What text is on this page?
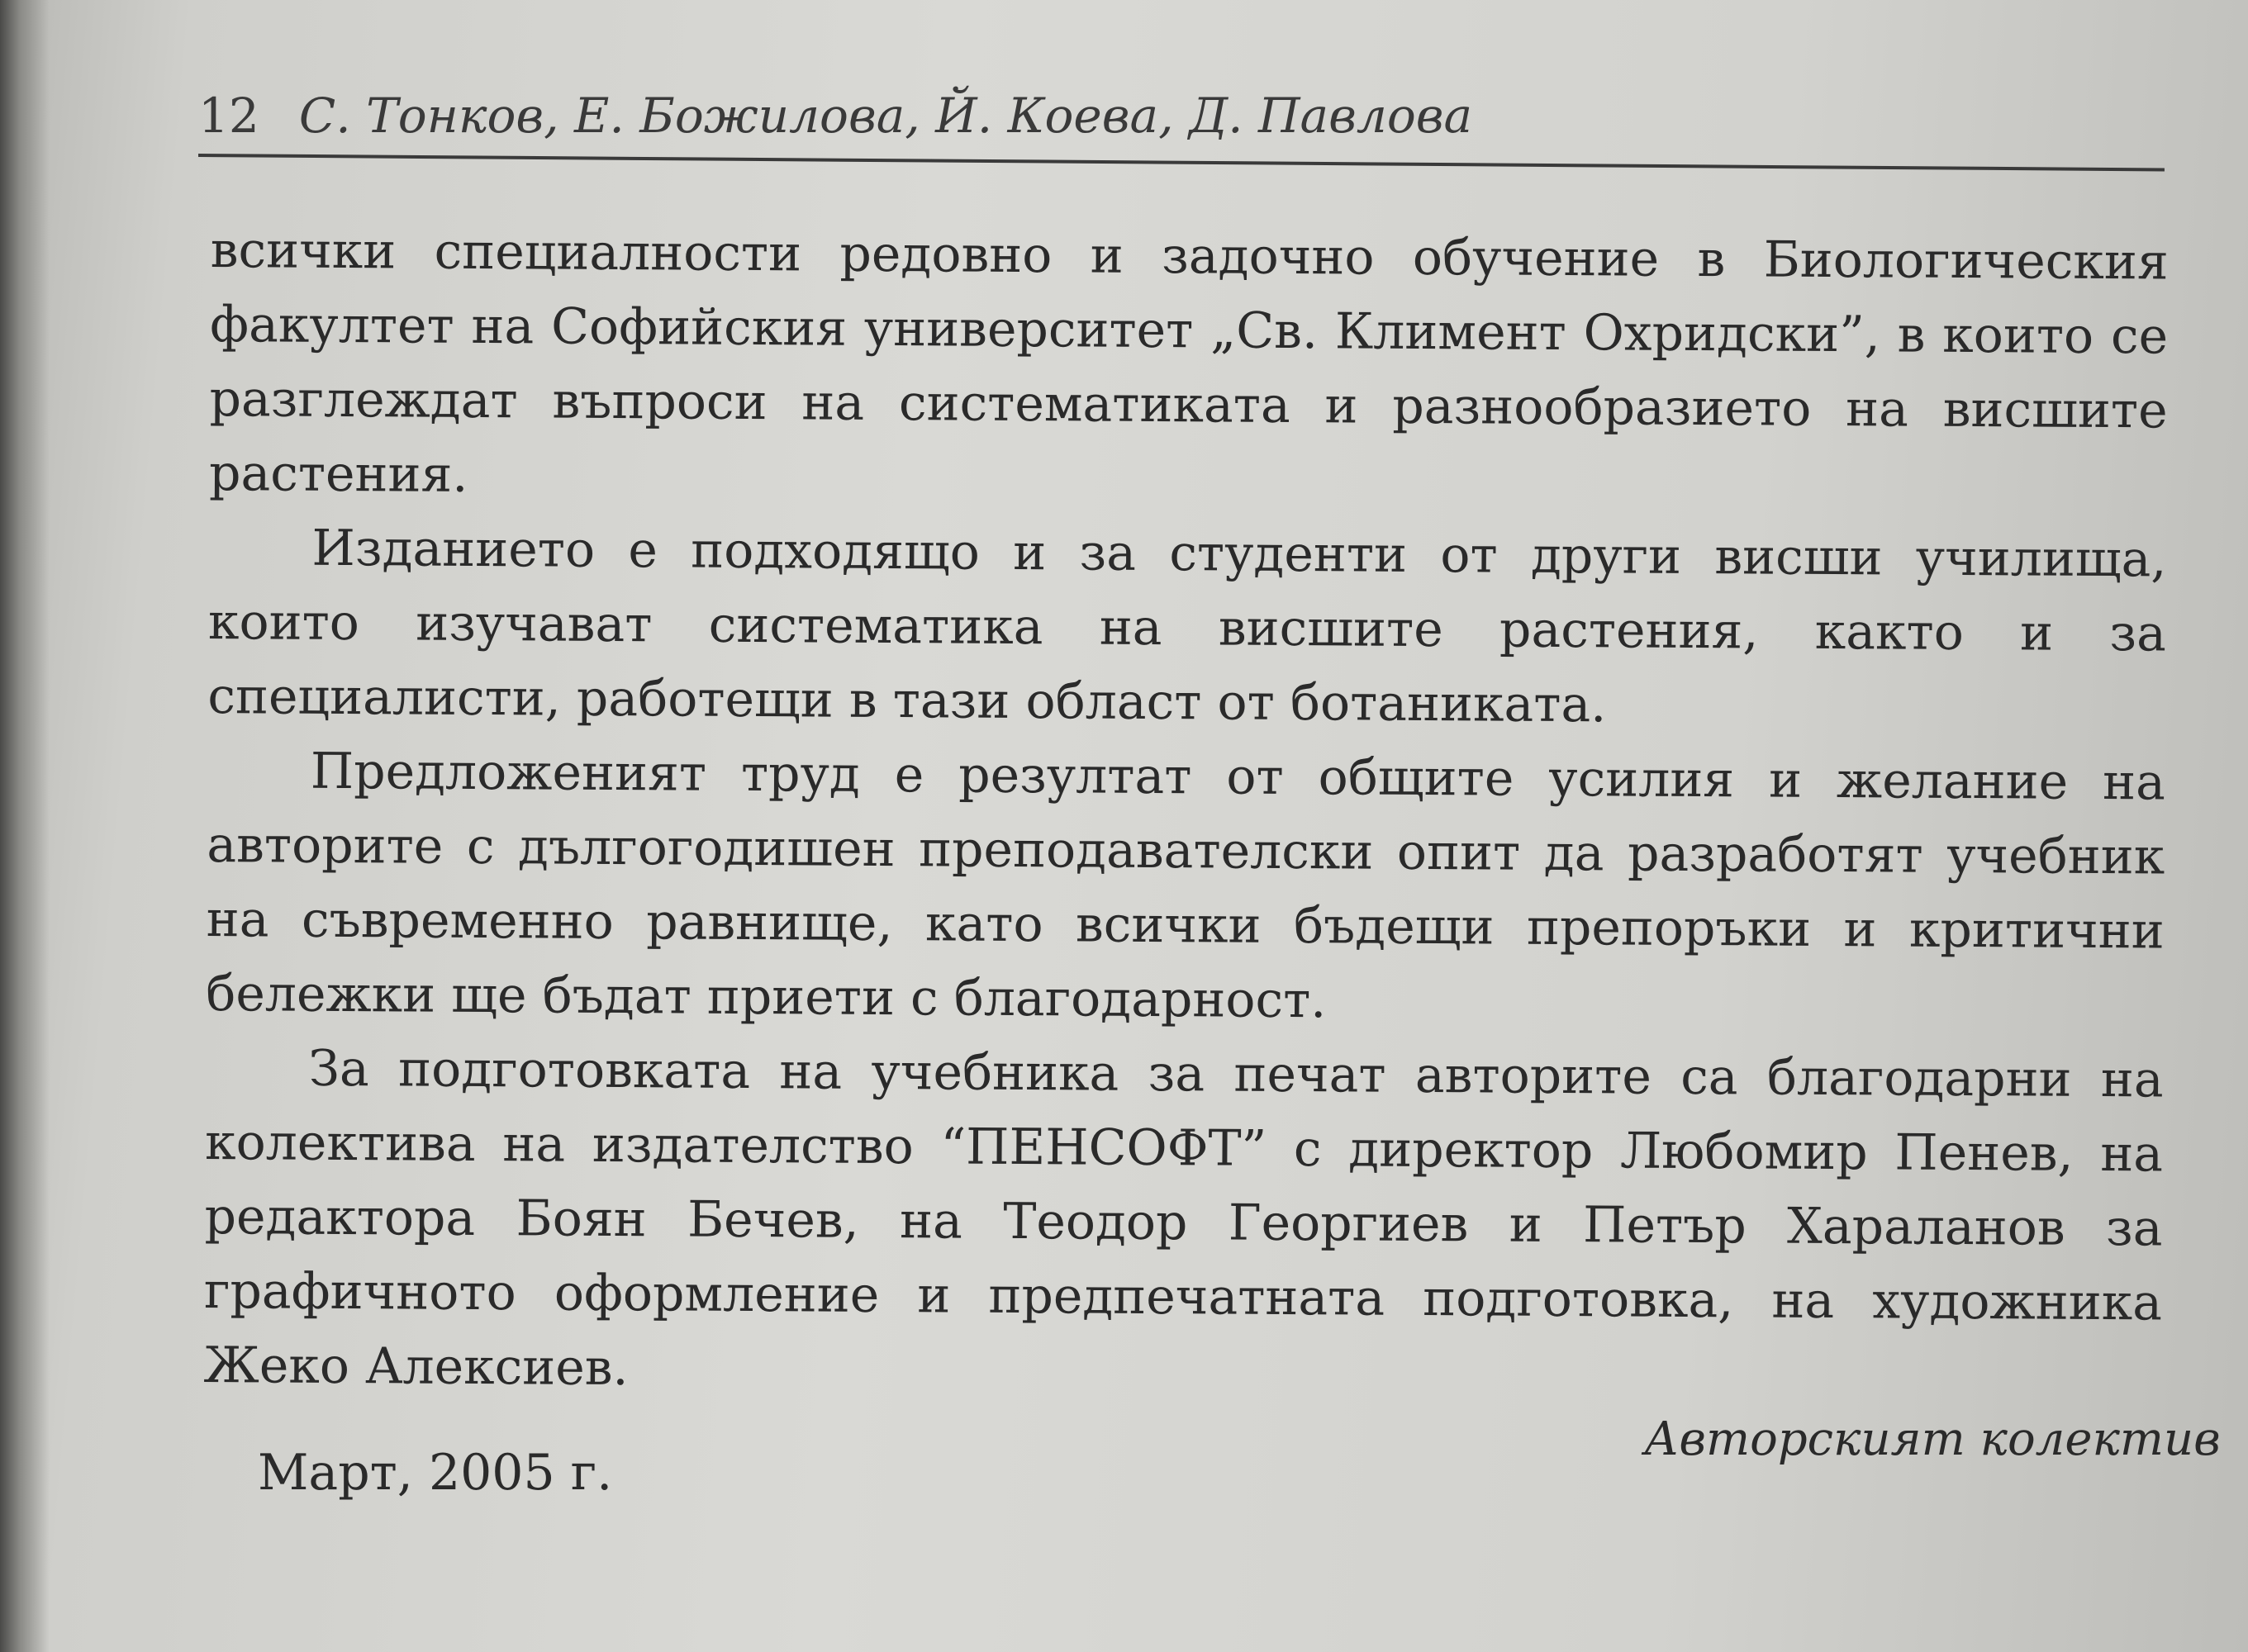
12 С. Тонков, Е. Божилова, Й. Коева, Д. Павлова

всички специалности редовно и задочно обучение в Биологическия факултет на Софийския университет „Св. Климент Охридски”, в които се разглеждат въпроси на систематиката и разнообразието на висшите растения.

Изданието е подходящо и за студенти от други висши училища, които изучават систематика на висшите растения, както и за специалисти, работещи в тази област от ботаниката.

Предложеният труд е резултат от общите усилия и желание на авторите с дългогодишен преподавателски опит да разработят учебник на съвременно равнище, като всички бъдещи препоръки и критични бележки ще бъдат приети с благодарност.

За подготовката на учебника за печат авторите са благодарни на колектива на издателство “ПЕНСОФТ” с директор Любомир Пенев, на редактора Боян Бечев, на Теодор Георгиев и Петър Хараланов за графичното оформление и предпечатната подготовка, на художника Жеко Алексиев.

Авторският колектив
Март, 2005 г.
